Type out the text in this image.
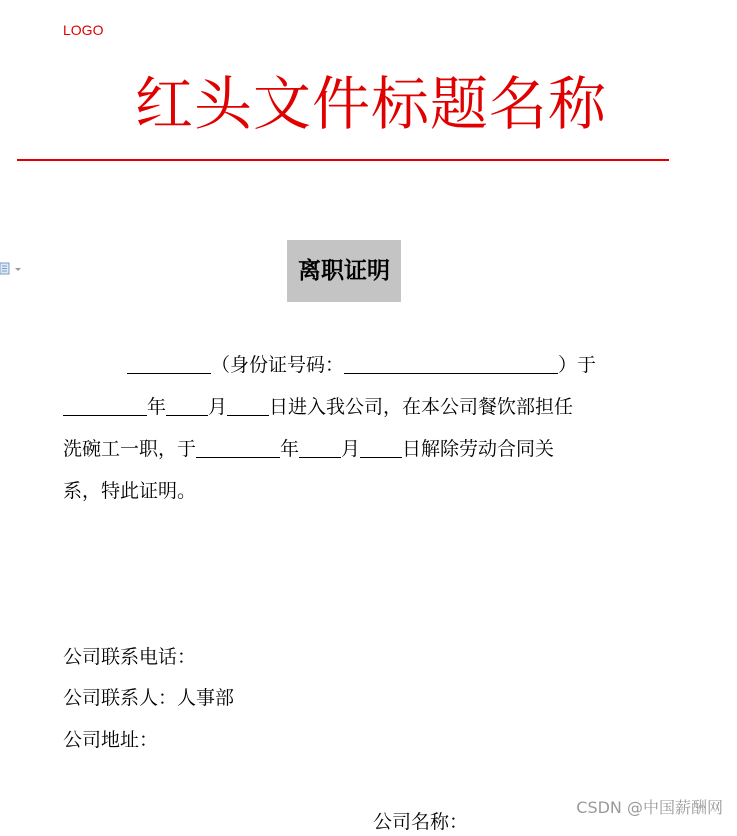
LOGO
红头文件标题名称
离职证明
（身份证号码：	）于
年 月 日进入我公司，在本公司餐饮部担任
洗碗工一职，于	年 月 日解除劳动合同关
系，特此证明。
公司联系电话：
公司联系人：人事部
公司地址：
公司名称：
CSDN @中国薪酬网
